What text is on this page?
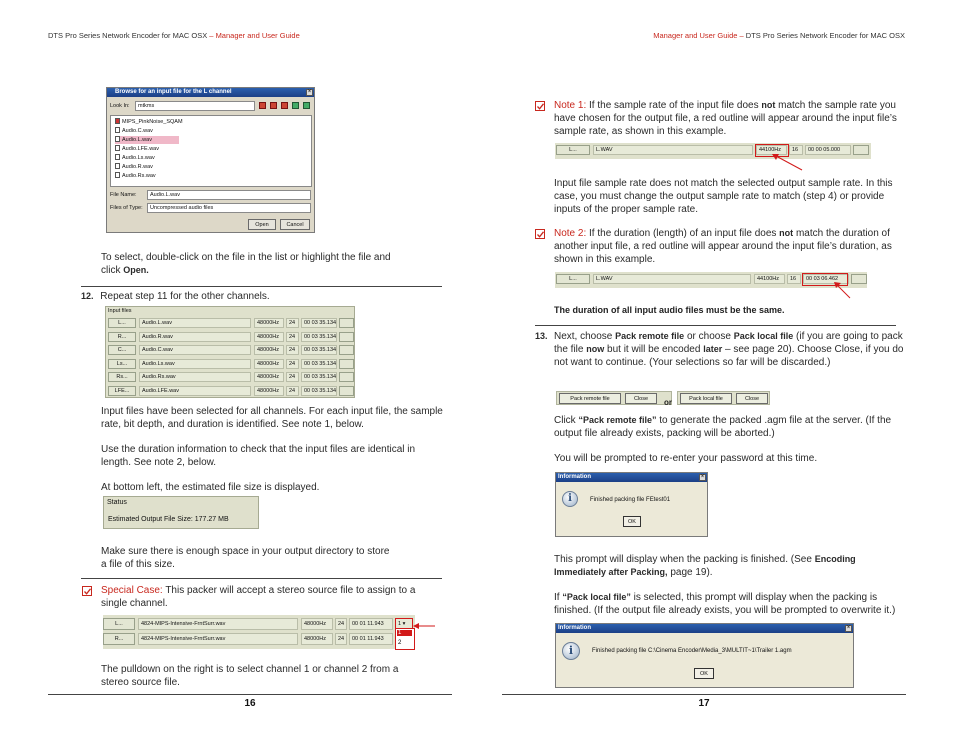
DTS Pro Series Network Encoder for MAC OSX – Manager and User Guide	Manager and User Guide – DTS Pro Series Network Encoder for MAC OSX
Browse for an input file for the L channel	×
Look In:	mtkms
MIPS_PinkNoise_SQAM
Audio.C.wav
Audio.L.wav
Audio.LFE.wav
Audio.Ls.wav
Audio.R.wav
Audio.Rs.wav
File Name:	Audio.L.wav
Files of Type:	Uncompressed audio files
Open	Cancel
To select, double-click on the file in the list or highlight the file and click Open.
12. Repeat step 11 for the other channels.
Input files
L...	Audio.L.wav	48000Hz	24	00 03 35.134
R...	Audio.R.wav	48000Hz	24	00 03 35.134
C...	Audio.C.wav	48000Hz	24	00 03 35.134
Ls...	Audio.Ls.wav	48000Hz	24	00 03 35.134
Rs...	Audio.Rs.wav	48000Hz	24	00 03 35.134
LFE...	Audio.LFE.wav	48000Hz	24	00 03 35.134
Input files have been selected for all channels. For each input file, the sample rate, bit depth, and duration is identified. See note 1, below.
Use the duration information to check that the input files are identical in length. See note 2, below.
At bottom left, the estimated file size is displayed.
Status
Estimated Output File Size: 177.27 MB
Make sure there is enough space in your output directory to store a file of this size.
Special Case: This packer will accept a stereo source file to assign to a single channel.
L...	4824-MIPS-Intensive-FrntSurr.wav	48000Hz	24	00 01 11.943	1 ▾
R...	4824-MIPS-Intensive-FrntSurr.wav	48000Hz	24	00 01 11.943
1
2
The pulldown on the right is to select channel 1 or channel 2 from a stereo source file.
16
Note 1: If the sample rate of the input file does not match the sample rate you have chosen for the output file, a red outline will appear around the input file’s sample rate, as shown in this example.
L...	L.WAV	44100Hz	16	00 00 05.000
Input file sample rate does not match the selected output sample rate. In this case, you must change the output sample rate to match (step 4) or provide inputs of the proper sample rate.
Note 2: If the duration (length) of an input file does not match the duration of another input file, a red outline will appear around the input file’s duration, as shown in this example.
L...	L.WAV	44100Hz	16	00 03 06.462
The duration of all input audio files must be the same.
13. Next, choose Pack remote file or choose Pack local file (if you are going to pack the file now but it will be encoded later – see page 20). Choose Close, if you do not want to continue. (Your selections so far will be discarded.)
Pack remote file	Close	or	Pack local file	Close
Click “Pack remote file” to generate the packed .agm file at the server. (If the output file already exists, packing will be aborted.)
You will be prompted to re-enter your password at this time.
Information	×
i	Finished packing file FEtest01
OK
This prompt will display when the packing is finished. (See Encoding Immediately after Packing, page 19).
If “Pack local file” is selected, this prompt will display when the packing is finished. (If the output file already exists, you will be prompted to overwrite it.)
Information	×
i	Finished packing file C:\Cinema Encoder\Media_3\MULTIT~1\Trailer 1.agm
OK
17
